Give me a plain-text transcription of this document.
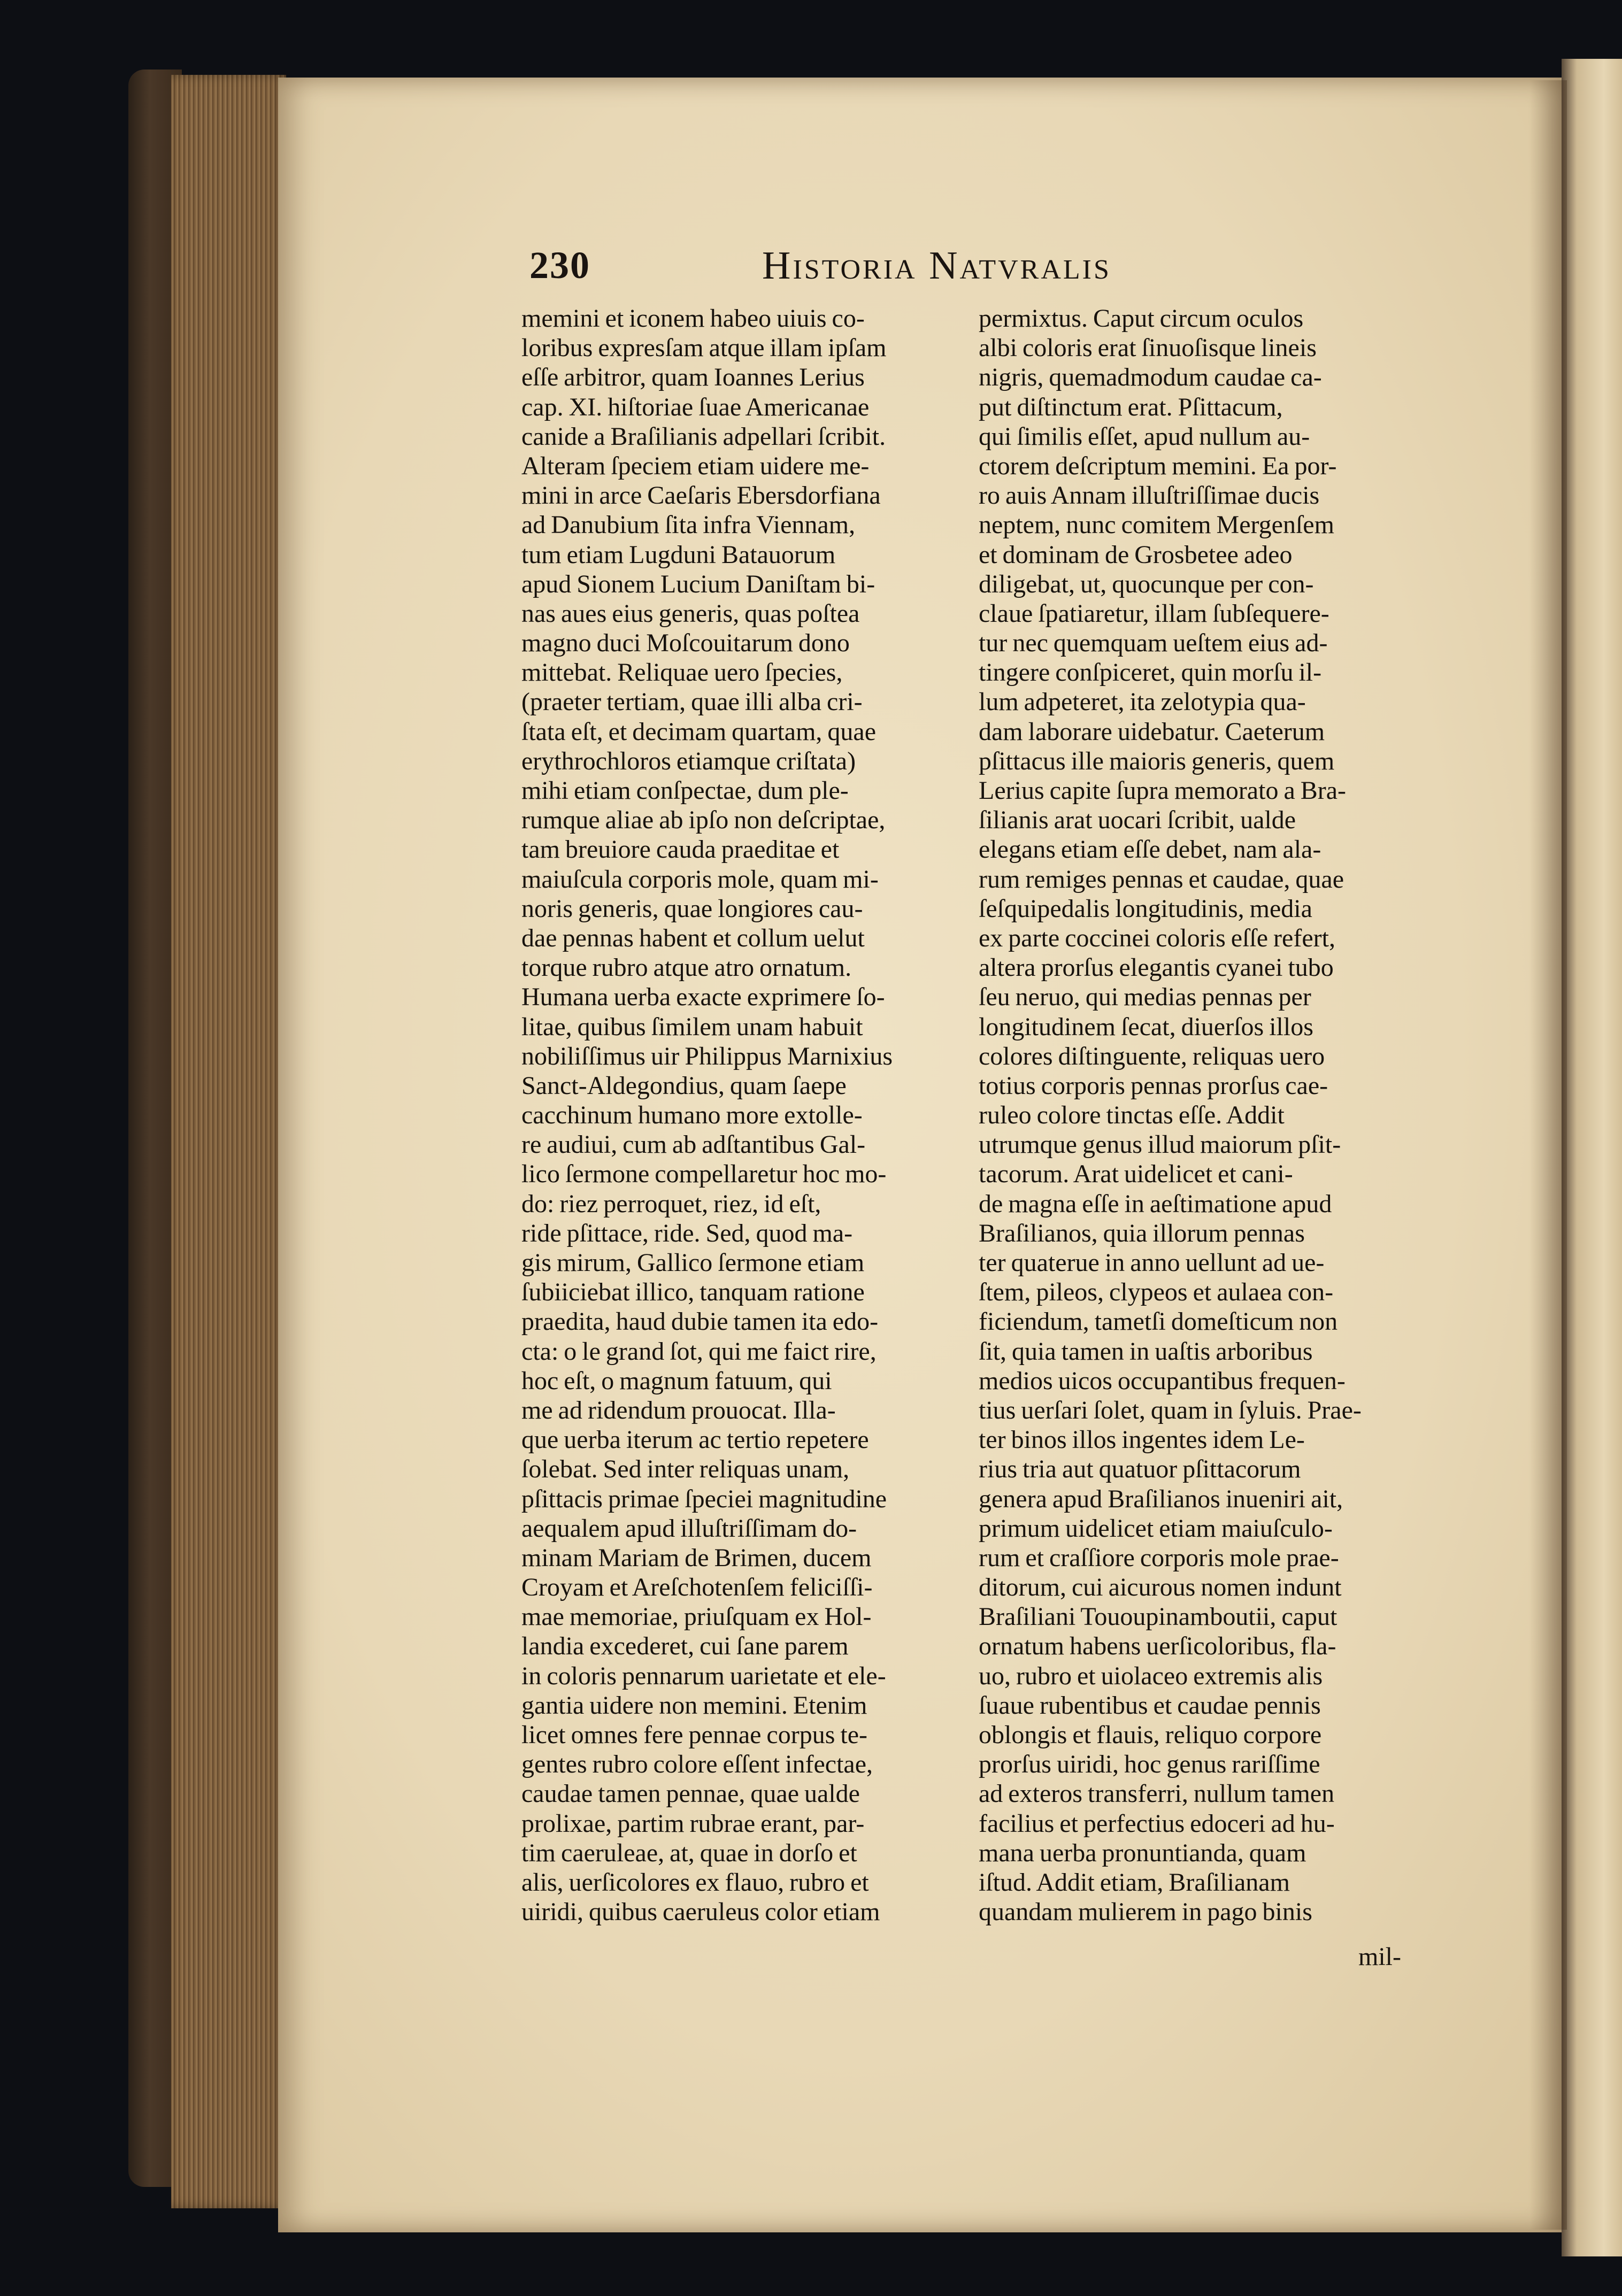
230	Historia Natvralis
memini et iconem habeo uiuis co-
loribus expresſam atque illam ipſam
eſſe arbitror, quam Ioannes Lerius
cap. XI. hiſtoriae ſuae Americanae
canide a Braſilianis adpellari ſcribit.
Alteram ſpeciem etiam uidere me-
mini in arce Caeſaris Ebersdorfiana
ad Danubium ſita infra Viennam,
tum etiam Lugduni Batauorum
apud Sionem Lucium Daniſtam bi-
nas aues eius generis, quas poſtea
magno duci Moſcouitarum dono
mittebat. Reliquae uero ſpecies,
(praeter tertiam, quae illi alba cri-
ſtata eſt, et decimam quartam, quae
erythrochloros etiamque criſtata)
mihi etiam conſpectae, dum ple-
rumque aliae ab ipſo non deſcriptae,
tam breuiore cauda praeditae et
maiuſcula corporis mole, quam mi-
noris generis, quae longiores cau-
dae pennas habent et collum uelut
torque rubro atque atro ornatum.
Humana uerba exacte exprimere ſo-
litae, quibus ſimilem unam habuit
nobiliſſimus uir Philippus Marnixius
Sanct-Aldegondius, quam ſaepe
cacchinum humano more extolle-
re audiui, cum ab adſtantibus Gal-
lico ſermone compellaretur hoc mo-
do: riez perroquet, riez, id eſt,
ride pſittace, ride. Sed, quod ma-
gis mirum, Gallico ſermone etiam
ſubiiciebat illico, tanquam ratione
praedita, haud dubie tamen ita edo-
cta: o le grand ſot, qui me faict rire,
hoc eſt, o magnum fatuum, qui
me ad ridendum prouocat. Illa-
que uerba iterum ac tertio repetere
ſolebat. Sed inter reliquas unam,
pſittacis primae ſpeciei magnitudine
aequalem apud illuſtriſſimam do-
minam Mariam de Brimen, ducem
Croyam et Areſchotenſem feliciſſi-
mae memoriae, priuſquam ex Hol-
landia excederet, cui ſane parem
in coloris pennarum uarietate et ele-
gantia uidere non memini. Etenim
licet omnes fere pennae corpus te-
gentes rubro colore eſſent infectae,
caudae tamen pennae, quae ualde
prolixae, partim rubrae erant, par-
tim caeruleae, at, quae in dorſo et
alis, uerſicolores ex flauo, rubro et
uiridi, quibus caeruleus color etiam
permixtus. Caput circum oculos
albi coloris erat ſinuoſisque lineis
nigris, quemadmodum caudae ca-
put diſtinctum erat. Pſittacum,
qui ſimilis eſſet, apud nullum au-
ctorem deſcriptum memini. Ea por-
ro auis Annam illuſtriſſimae ducis
neptem, nunc comitem Mergenſem
et dominam de Grosbetee adeo
diligebat, ut, quocunque per con-
claue ſpatiaretur, illam ſubſequere-
tur nec quemquam ueſtem eius ad-
tingere conſpiceret, quin morſu il-
lum adpeteret, ita zelotypia qua-
dam laborare uidebatur. Caeterum
pſittacus ille maioris generis, quem
Lerius capite ſupra memorato a Bra-
ſilianis arat uocari ſcribit, ualde
elegans etiam eſſe debet, nam ala-
rum remiges pennas et caudae, quae
ſeſquipedalis longitudinis, media
ex parte coccinei coloris eſſe refert,
altera prorſus elegantis cyanei tubo
ſeu neruo, qui medias pennas per
longitudinem ſecat, diuerſos illos
colores diſtinguente, reliquas uero
totius corporis pennas prorſus cae-
ruleo colore tinctas eſſe. Addit
utrumque genus illud maiorum pſit-
tacorum. Arat uidelicet et cani-
de magna eſſe in aeſtimatione apud
Braſilianos, quia illorum pennas
ter quaterue in anno uellunt ad ue-
ſtem, pileos, clypeos et aulaea con-
ficiendum, tametſi domeſticum non
ſit, quia tamen in uaſtis arboribus
medios uicos occupantibus frequen-
tius uerſari ſolet, quam in ſyluis. Prae-
ter binos illos ingentes idem Le-
rius tria aut quatuor pſittacorum
genera apud Braſilianos inueniri ait,
primum uidelicet etiam maiuſculo-
rum et craſſiore corporis mole prae-
ditorum, cui aicurous nomen indunt
Braſiliani Tououpinamboutii, caput
ornatum habens uerſicoloribus, fla-
uo, rubro et uiolaceo extremis alis
ſuaue rubentibus et caudae pennis
oblongis et flauis, reliquo corpore
prorſus uiridi, hoc genus rariſſime
ad exteros transferri, nullum tamen
facilius et perfectius edoceri ad hu-
mana uerba pronuntianda, quam
iſtud. Addit etiam, Braſilianam
quandam mulierem in pago binis
mil-
